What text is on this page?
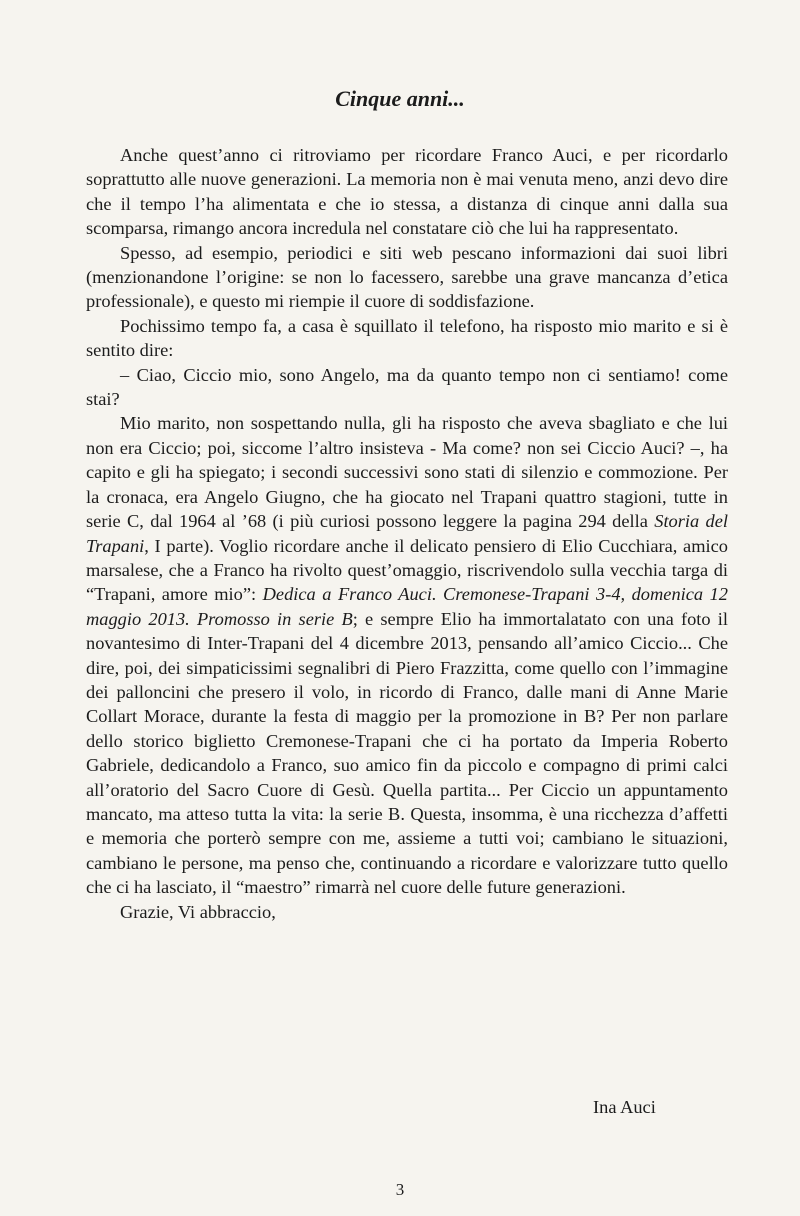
Cinque anni...

Anche quest’anno ci ritroviamo per ricordare Franco Auci, e per ricordarlo soprattutto alle nuove generazioni. La memoria non è mai venuta meno, anzi devo dire che il tempo l’ha alimentata e che io stessa, a distanza di cinque anni dalla sua scomparsa, rimango ancora incredula nel constatare ciò che lui ha rappresentato.

Spesso, ad esempio, periodici e siti web pescano informazioni dai suoi libri (menzionandone l’origine: se non lo facessero, sarebbe una grave mancanza d’etica professionale), e questo mi riempie il cuore di soddisfazione.

Pochissimo tempo fa, a casa è squillato il telefono, ha risposto mio marito e si è sentito dire:

– Ciao, Ciccio mio, sono Angelo, ma da quanto tempo non ci sentiamo! come stai?

Mio marito, non sospettando nulla, gli ha risposto che aveva sbagliato e che lui non era Ciccio; poi, siccome l’altro insisteva - Ma come? non sei Ciccio Auci? –, ha capito e gli ha spiegato; i secondi successivi sono stati di silenzio e commozione. Per la cronaca, era Angelo Giugno, che ha giocato nel Trapani quattro stagioni, tutte in serie C, dal 1964 al ’68 (i più curiosi possono leggere la pagina 294 della Storia del Trapani, I parte). Voglio ricordare anche il delicato pensiero di Elio Cucchiara, amico marsalese, che a Franco ha rivolto quest’omaggio, riscrivendolo sulla vecchia targa di “Trapani, amore mio”: Dedica a Franco Auci. Cremonese-Trapani 3-4, domenica 12 maggio 2013. Promosso in serie B; e sempre Elio ha immortalatato con una foto il novantesimo di Inter-Trapani del 4 dicembre 2013, pensando all’amico Ciccio... Che dire, poi, dei simpaticissimi segnalibri di Piero Frazzitta, come quello con l’immagine dei palloncini che presero il volo, in ricordo di Franco, dalle mani di Anne Marie Collart Morace, durante la festa di maggio per la promozione in B? Per non parlare dello storico biglietto Cremonese-Trapani che ci ha portato da Imperia Roberto Gabriele, dedicandolo a Franco, suo amico fin da piccolo e compagno di primi calci all’oratorio del Sacro Cuore di Gesù. Quella partita... Per Ciccio un appuntamento mancato, ma atteso tutta la vita: la serie B. Questa, insomma, è una ricchezza d’affetti e memoria che porterò sempre con me, assieme a tutti voi; cambiano le situazioni, cambiano le persone, ma penso che, continuando a ricordare e valorizzare tutto quello che ci ha lasciato, il “maestro” rimarrà nel cuore delle future generazioni.

Grazie, Vi abbraccio,

Ina Auci
3
